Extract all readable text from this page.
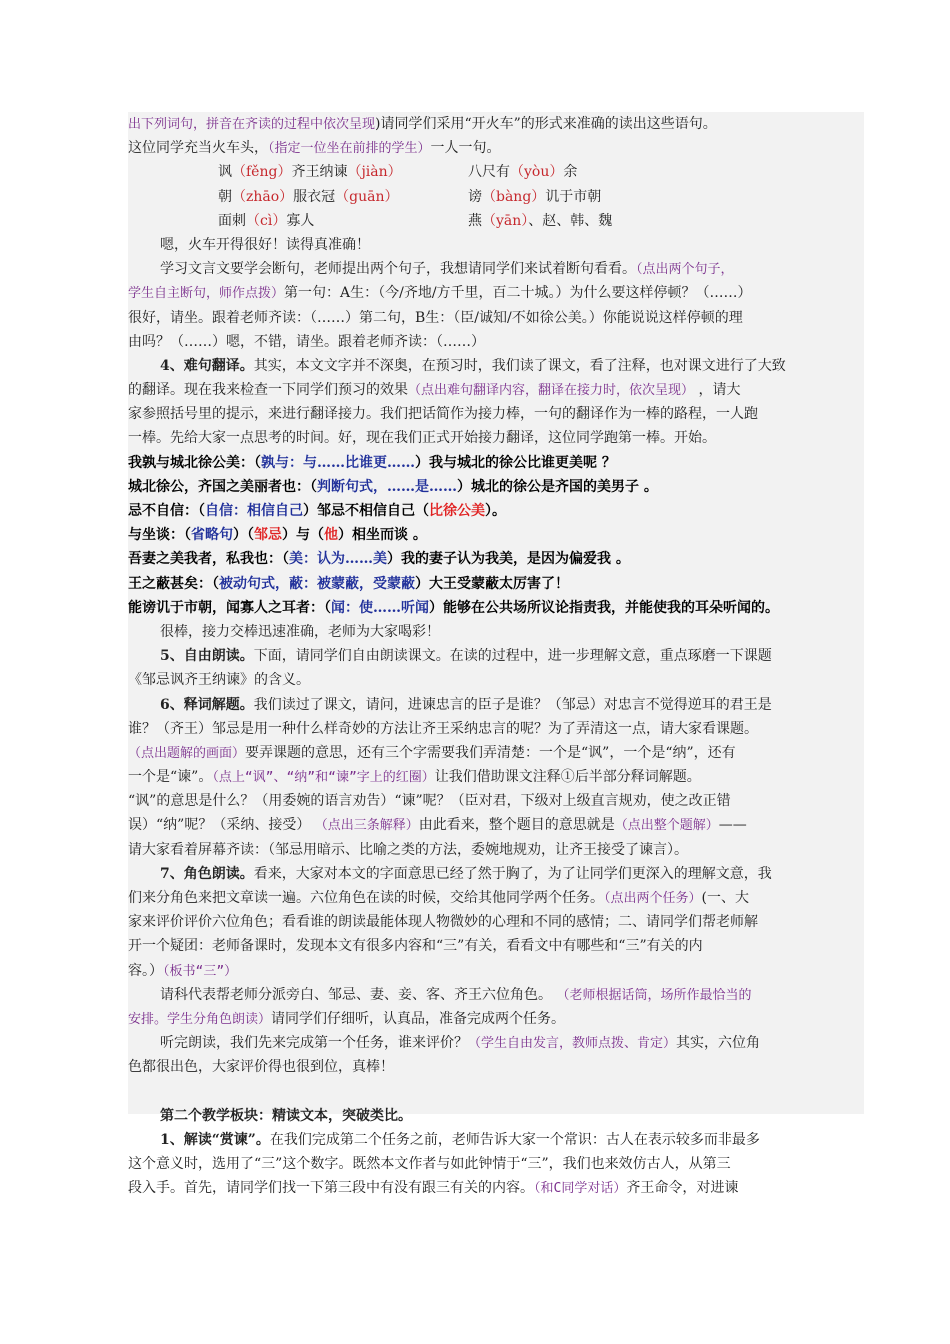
出下列词句，拼音在齐读的过程中依次呈现)请同学们采用“开火车”的形式来准确的读出这些语句。
这位同学充当火车头，（指定一位坐在前排的学生）一人一句。
讽（fěng）齐王纳谏（jiàn）	八尺有（yòu）余
朝（zhāo）服衣冠（guān）	谤（bàng）讥于市朝
面刺（cì）寡人	燕（yān）、赵、韩、魏
嗯，火车开得很好！读得真准确！
学习文言文要学会断句，老师提出两个句子，我想请同学们来试着断句看看。（点出两个句子，
学生自主断句，师作点拨）第一句：A生：（今/齐地/方千里，百二十城。）为什么要这样停顿？（……）
很好，请坐。跟着老师齐读：（……）第二句，B生：（臣/诚知/不如徐公美。）你能说说这样停顿的理
由吗？（……）嗯，不错，请坐。跟着老师齐读：（……）
4、难句翻译。其实，本文文字并不深奥，在预习时，我们读了课文，看了注释，也对课文进行了大致
的翻译。现在我来检查一下同学们预习的效果（点出难句翻译内容，翻译在接力时，依次呈现） ，请大
家参照括号里的提示，来进行翻译接力。我们把话简作为接力棒，一句的翻译作为一棒的路程，一人跑
一棒。先给大家一点思考的时间。好，现在我们正式开始接力翻译，这位同学跑第一棒。开始。
我孰与城北徐公美：（孰与：与……比谁更……）我与城北的徐公比谁更美呢 ？
城北徐公，齐国之美丽者也：（判断句式，……是……）城北的徐公是齐国的美男子 。
忌不自信：（自信：相信自己）邹忌不相信自己（比徐公美）。
与坐谈：（省略句）（邹忌）与（他）相坐而谈 。
吾妻之美我者，私我也：（美：认为……美）我的妻子认为我美，是因为偏爱我 。
王之蔽甚矣：（被动句式，蔽：被蒙蔽，受蒙蔽）大王受蒙蔽太厉害了！
能谤讥于市朝，闻寡人之耳者：（闻：使……听闻）能够在公共场所议论指责我，并能使我的耳朵听闻的。
很棒，接力交棒迅速准确，老师为大家喝彩！
5、自由朗读。下面，请同学们自由朗读课文。在读的过程中，进一步理解文意，重点琢磨一下课题
《邹忌讽齐王纳谏》的含义。
6、释词解题。我们读过了课文，请问，进谏忠言的臣子是谁？（邹忌）对忠言不觉得逆耳的君王是
谁？（齐王）邹忌是用一种什么样奇妙的方法让齐王采纳忠言的呢？为了弄清这一点，请大家看课题。
（点出题解的画面）要弄课题的意思，还有三个字需要我们弄清楚：一个是“讽”，一个是“纳”，还有
一个是“谏”。（点上“讽”、“纳”和“谏”字上的红圈）让我们借助课文注释①后半部分释词解题。
“讽”的意思是什么？（用委婉的语言劝告）“谏”呢？（臣对君，下级对上级直言规劝，使之改正错
误）“纳”呢？（采纳、接受） （点出三条解释）由此看来，整个题目的意思就是（点出整个题解）——
请大家看着屏幕齐读：（邹忌用暗示、比喻之类的方法，委婉地规劝，让齐王接受了谏言）。
7、角色朗读。看来，大家对本文的字面意思已经了然于胸了，为了让同学们更深入的理解文意，我
们来分角色来把文章读一遍。六位角色在读的时候，交给其他同学两个任务。（点出两个任务）(一、大
家来评价评价六位角色；看看谁的朗读最能体现人物微妙的心理和不同的感情；二、请同学们帮老师解
开一个疑团：老师备课时，发现本文有很多内容和“三”有关，看看文中有哪些和“三”有关的内
容。）（板书“三”）
请科代表帮老师分派旁白、邹忌、妻、妾、客、齐王六位角色。 （老师根据话筒，场所作最恰当的
安排。学生分角色朗读）请同学们仔细听，认真品，准备完成两个任务。
听完朗读，我们先来完成第一个任务，谁来评价？（学生自由发言，教师点拨、肯定）其实，六位角
色都很出色，大家评价得也很到位，真棒！
第二个教学板块：精读文本，突破类比。
1、解读“赏谏”。在我们完成第二个任务之前，老师告诉大家一个常识：古人在表示较多而非最多
这个意义时，选用了“三”这个数字。既然本文作者与如此钟情于“三”，我们也来效仿古人，从第三
段入手。首先，请同学们找一下第三段中有没有跟三有关的内容。（和C同学对话）齐王命令，对进谏
